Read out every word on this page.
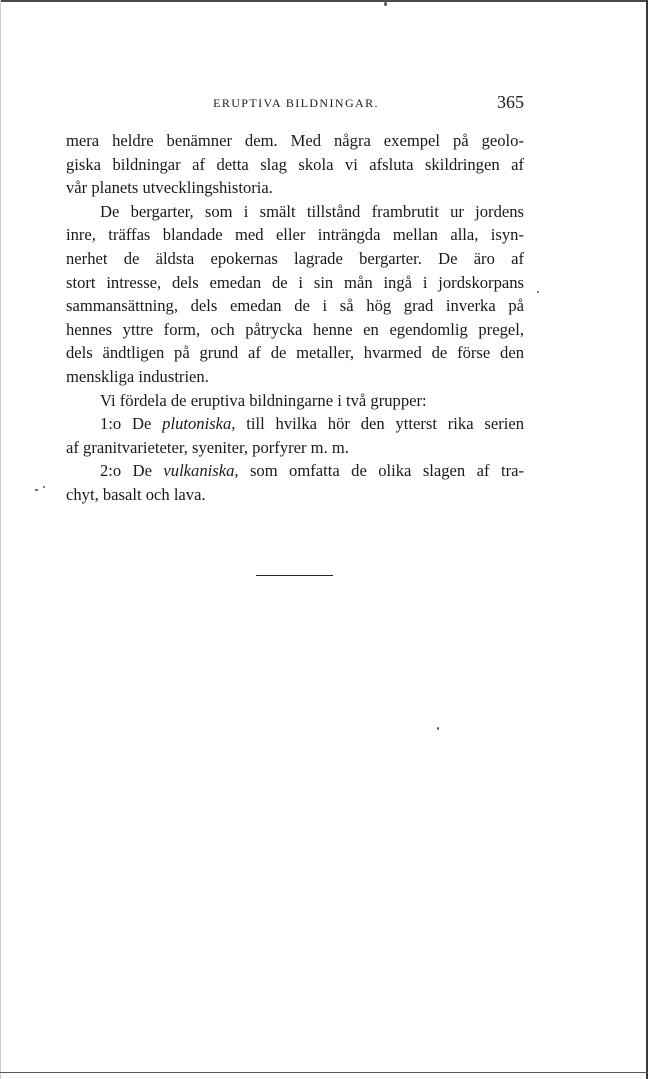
ERUPTIVA BILDNINGAR.	365
mera heldre benämner dem. Med några exempel på geolo-
giska bildningar af detta slag skola vi afsluta skildringen af
vår planets utvecklingshistoria.
De bergarter, som i smält tillstånd frambrutit ur jordens
inre, träffas blandade med eller inträngda mellan alla, isyn-
nerhet de äldsta epokernas lagrade bergarter. De äro af
stort intresse, dels emedan de i sin mån ingå i jordskorpans
sammansättning, dels emedan de i så hög grad inverka på
hennes yttre form, och påtrycka henne en egendomlig pregel,
dels ändtligen på grund af de metaller, hvarmed de förse den
menskliga industrien.
Vi fördela de eruptiva bildningarne i två grupper:
1:o De plutoniska, till hvilka hör den ytterst rika serien
af granitvarieteter, syeniter, porfyrer m. m.
2:o De vulkaniska, som omfatta de olika slagen af tra-
chyt, basalt och lava.
